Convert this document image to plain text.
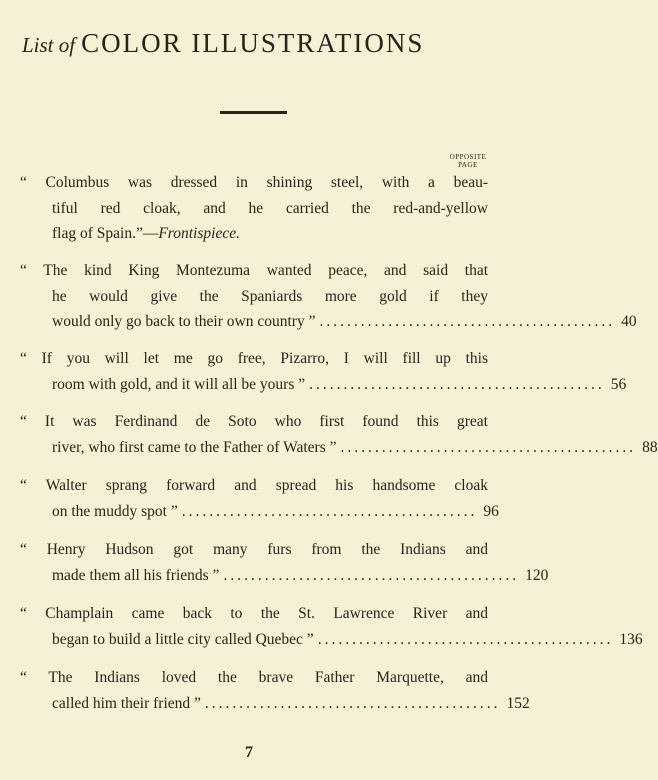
List of COLOR ILLUSTRATIONS
OPPOSITE
PAGE
“ Columbus was dressed in shining steel, with a beau-
tiful red cloak, and he carried the red-and-yellow
flag of Spain.”— Frontispiece.
“ The kind King Montezuma wanted peace, and said that
he would give the Spaniards more gold if they
would only go back to their own country ” ........................................... 40
“ If you will let me go free, Pizarro, I will fill up this
room with gold, and it will all be yours ” ........................................... 56
“ It was Ferdinand de Soto who first found this great
river, who first came to the Father of Waters ” ........................................... 88
“ Walter sprang forward and spread his handsome cloak
on the muddy spot ” ........................................... 96
“ Henry Hudson got many furs from the Indians and
made them all his friends ” ........................................... 120
“ Champlain came back to the St. Lawrence River and
began to build a little city called Quebec ” ........................................... 136
“ The Indians loved the brave Father Marquette, and
called him their friend ” ........................................... 152
7
